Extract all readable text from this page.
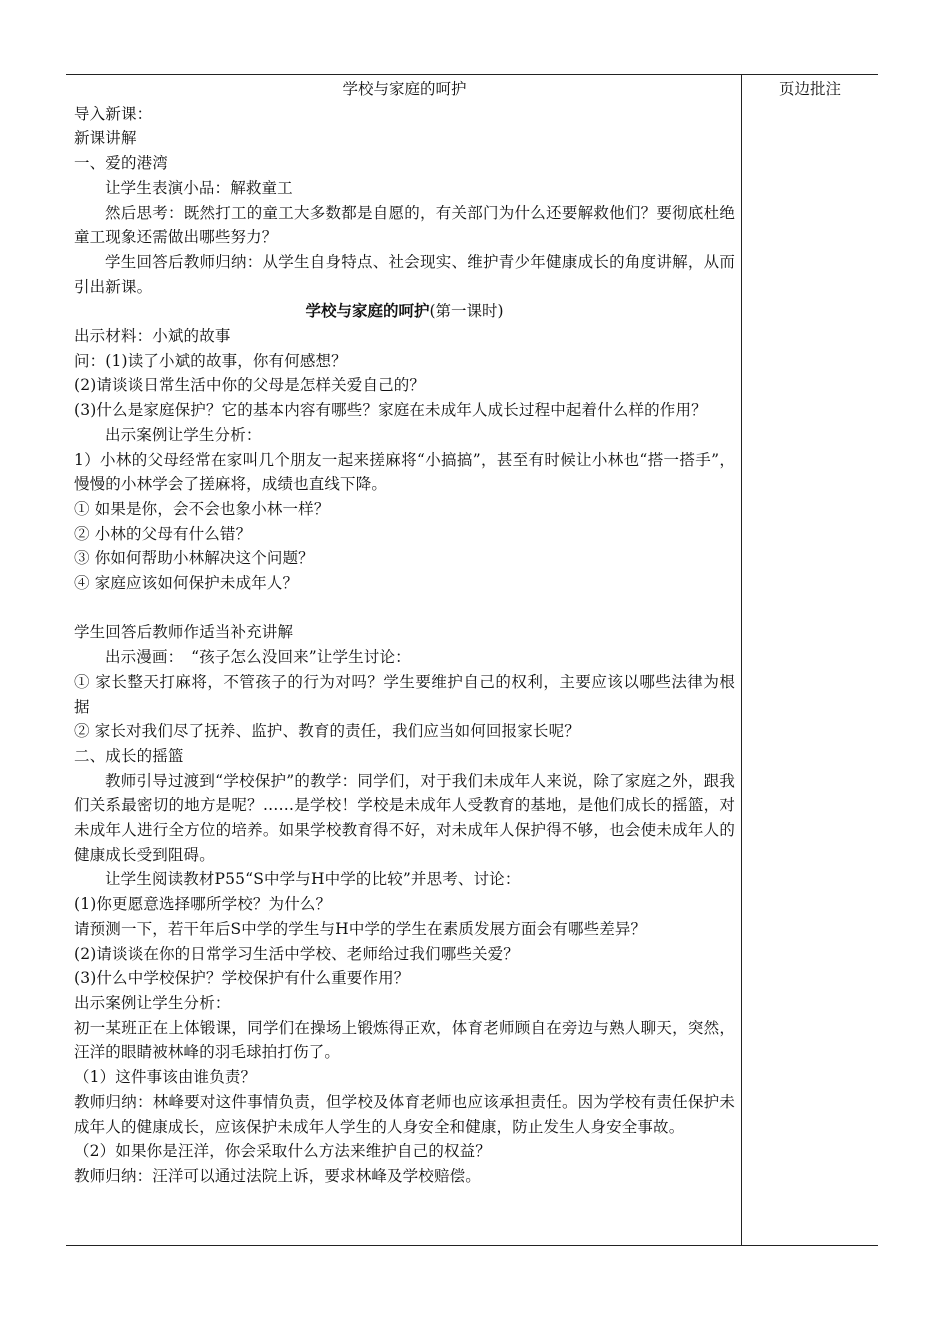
学校与家庭的呵护

导入新课：

新课讲解

一、爱的港湾

让学生表演小品：解救童工

然后思考：既然打工的童工大多数都是自愿的，有关部门为什么还要解救他们？要彻底杜绝童工现象还需做出哪些努力？

学生回答后教师归纳：从学生自身特点、社会现实、维护青少年健康成长的角度讲解，从而引出新课。

学校与家庭的呵护(第一课时)

出示材料：小斌的故事

问：(1)读了小斌的故事，你有何感想？

(2)请谈谈日常生活中你的父母是怎样关爱自己的？

(3)什么是家庭保护？它的基本内容有哪些？家庭在未成年人成长过程中起着什么样的作用？

出示案例让学生分析：

1）小林的父母经常在家叫几个朋友一起来搓麻将“小搞搞”，甚至有时候让小林也“搭一搭手”，慢慢的小林学会了搓麻将，成绩也直线下降。

① 如果是你，会不会也象小林一样？

② 小林的父母有什么错？

③ 你如何帮助小林解决这个问题？

④ 家庭应该如何保护未成年人？

学生回答后教师作适当补充讲解

出示漫画：　“孩子怎么没回来”让学生讨论：

① 家长整天打麻将，不管孩子的行为对吗？学生要维护自己的权利，主要应该以哪些法律为根据

② 家长对我们尽了抚养、监护、教育的责任，我们应当如何回报家长呢？

二、成长的摇篮

教师引导过渡到“学校保护”的教学：同学们，对于我们未成年人来说，除了家庭之外，跟我们关系最密切的地方是呢？……是学校！学校是未成年人受教育的基地，是他们成长的摇篮，对未成年人进行全方位的培养。如果学校教育得不好，对未成年人保护得不够，也会使未成年人的健康成长受到阻碍。

让学生阅读教材P55“S中学与H中学的比较”并思考、讨论：

(1)你更愿意选择哪所学校？为什么？

请预测一下，若干年后S中学的学生与H中学的学生在素质发展方面会有哪些差异？

(2)请谈谈在你的日常学习生活中学校、老师给过我们哪些关爱？

(3)什么中学校保护？学校保护有什么重要作用？

出示案例让学生分析：

初一某班正在上体锻课，同学们在操场上锻炼得正欢，体育老师顾自在旁边与熟人聊天，突然，汪洋的眼睛被林峰的羽毛球拍打伤了。

（1）这件事该由谁负责？

教师归纳：林峰要对这件事情负责，但学校及体育老师也应该承担责任。因为学校有责任保护未成年人的健康成长，应该保护未成年人学生的人身安全和健康，防止发生人身安全事故。

（2）如果你是汪洋，你会采取什么方法来维护自己的权益？

教师归纳：汪洋可以通过法院上诉，要求林峰及学校赔偿。

页边批注
